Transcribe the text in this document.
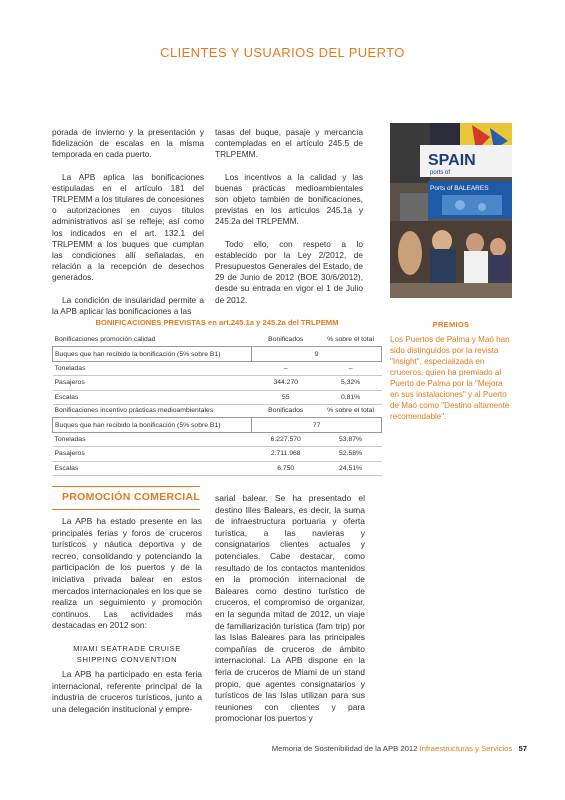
CLIENTES Y USUARIOS DEL PUERTO

porada de invierno y la presentación y fidelización de escalas en la misma temporada en cada puerto.

La APB aplica las bonificaciones estipuladas en el artículo 181 del TRLPEMM a los titulares de concesiones o autorizaciones en cuyos títulos administrativos así se refleje; así como los indicados en el art. 132.1 del TRLPEMM a los buques que cumplan las condiciones allí señaladas, en relación a la recepción de desechos generados.

La condición de insularidad permite a la APB aplicar las bonificaciones a las

tasas del buque, pasaje y mercancía contempladas en el artículo 245.5 de TRLPEMM.

Los incentivos a la calidad y las buenas prácticas medioambientales son objeto también de bonificaciones, previstas en los artículos 245.1a y 245.2a del TRLPEMM.

Todo ello, con respeto a lo establecido por la Ley 2/2012, de Presupuestos Generales del Estado, de 29 de Junio de 2012 (BOE 30/6/2012), desde su entrada en vigor el 1 de Julio de 2012.

SPAIN
ports of
Ports of BALEARES
PREMIOS

Los Puertos de Palma y Maó han sido distinguidos por la revista "Insight", especializada en cruceros, quien ha premiado al Puerto de Palma por la "Mejora en sus instalaciones" y al Puerto de Maó como "Destino altamente recomendable".

BONIFICACIONES PREVISTAS en art.245.1a y 245.2a del TRLPEMM
Bonificaciones promoción calidad	Bonificados	% sobre el total
Buques que han recibido la bonificación (5% sobre B1)	9	
Toneladas	–	–
Pasajeros	344.270	5,32%
Escalas	55	0,81%
Bonificaciones incentivo prácticas medioambientales	Bonificados	% sobre el total
Buques que han recibido la bonificación (5% sobre B1)	77	
Toneladas	6.227.570	53,87%
Pasajeros	2.711.968	52,58%
Escalas	6.750	24,51%
PROMOCIÓN COMERCIAL

La APB ha estado presente en las principales ferias y foros de cruceros turísticos y náutica deportiva y de recreo, consolidando y potenciando la participación de los puertos y de la iniciativa privada balear en estos mercados internacionales en los que se realiza un seguimiento y promoción continuos. Las actividades más destacadas en 2012 son:

MIAMI SEATRADE CRUISE SHIPPING CONVENTION

La APB ha participado en esta feria internacional, referente principal de la industria de cruceros turísticos, junto a una delegación institucional y empre-

sarial balear. Se ha presentado el destino Illes Balears, es decir, la suma de infraestructura portuaria y oferta turística, a las navieras y consignatarios clientes actuales y potenciales. Cabe destacar, como resultado de los contactos mantenidos en la promoción internacional de Baleares como destino turístico de cruceros, el compromiso de organizar, en la segunda mitad de 2012, un viaje de familiarización turística (fam trip) por las Islas Baleares para las principales compañías de cruceros de ámbito internacional. La APB dispone en la feria de cruceros de Miami de un stand propio, que agentes consignatarios y turísticos de las Islas utilizan para sus reuniones con clientes y para promocionar los puertos y

Memoria de Sostenibilidad de la APB 2012 Infraestructuras y Servicios 57
